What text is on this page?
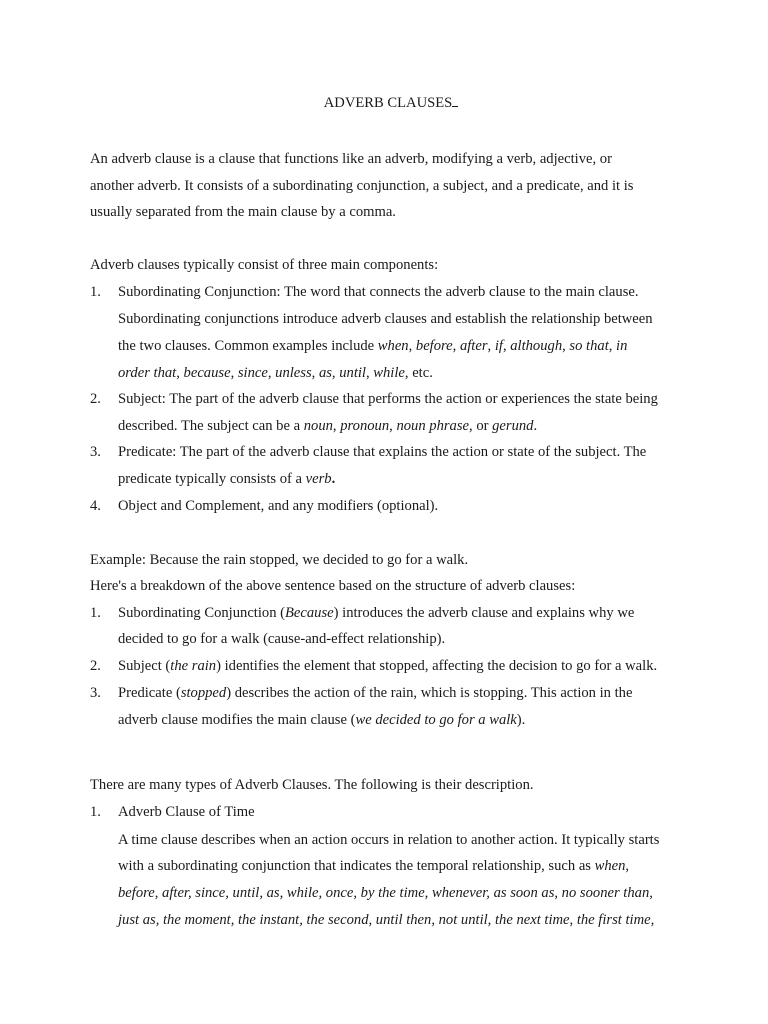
ADVERB CLAUSES
An adverb clause is a clause that functions like an adverb, modifying a verb, adjective, or
another adverb. It consists of a subordinating conjunction, a subject, and a predicate, and it is
usually separated from the main clause by a comma.
Adverb clauses typically consist of three main components:
1. Subordinating Conjunction: The word that connects the adverb clause to the main clause.
Subordinating conjunctions introduce adverb clauses and establish the relationship between
the two clauses. Common examples include when, before, after, if, although, so that, in
order that, because, since, unless, as, until, while, etc.
2. Subject: The part of the adverb clause that performs the action or experiences the state being
described. The subject can be a noun, pronoun, noun phrase, or gerund.
3. Predicate: The part of the adverb clause that explains the action or state of the subject. The
predicate typically consists of a verb.
4. Object and Complement, and any modifiers (optional).
Example: Because the rain stopped, we decided to go for a walk.
Here's a breakdown of the above sentence based on the structure of adverb clauses:
1. Subordinating Conjunction (Because) introduces the adverb clause and explains why we
decided to go for a walk (cause-and-effect relationship).
2. Subject (the rain) identifies the element that stopped, affecting the decision to go for a walk.
3. Predicate (stopped) describes the action of the rain, which is stopping. This action in the
adverb clause modifies the main clause (we decided to go for a walk).
There are many types of Adverb Clauses. The following is their description.
1. Adverb Clause of Time
A time clause describes when an action occurs in relation to another action. It typically starts
with a subordinating conjunction that indicates the temporal relationship, such as when,
before, after, since, until, as, while, once, by the time, whenever, as soon as, no sooner than,
just as, the moment, the instant, the second, until then, not until, the next time, the first time,
